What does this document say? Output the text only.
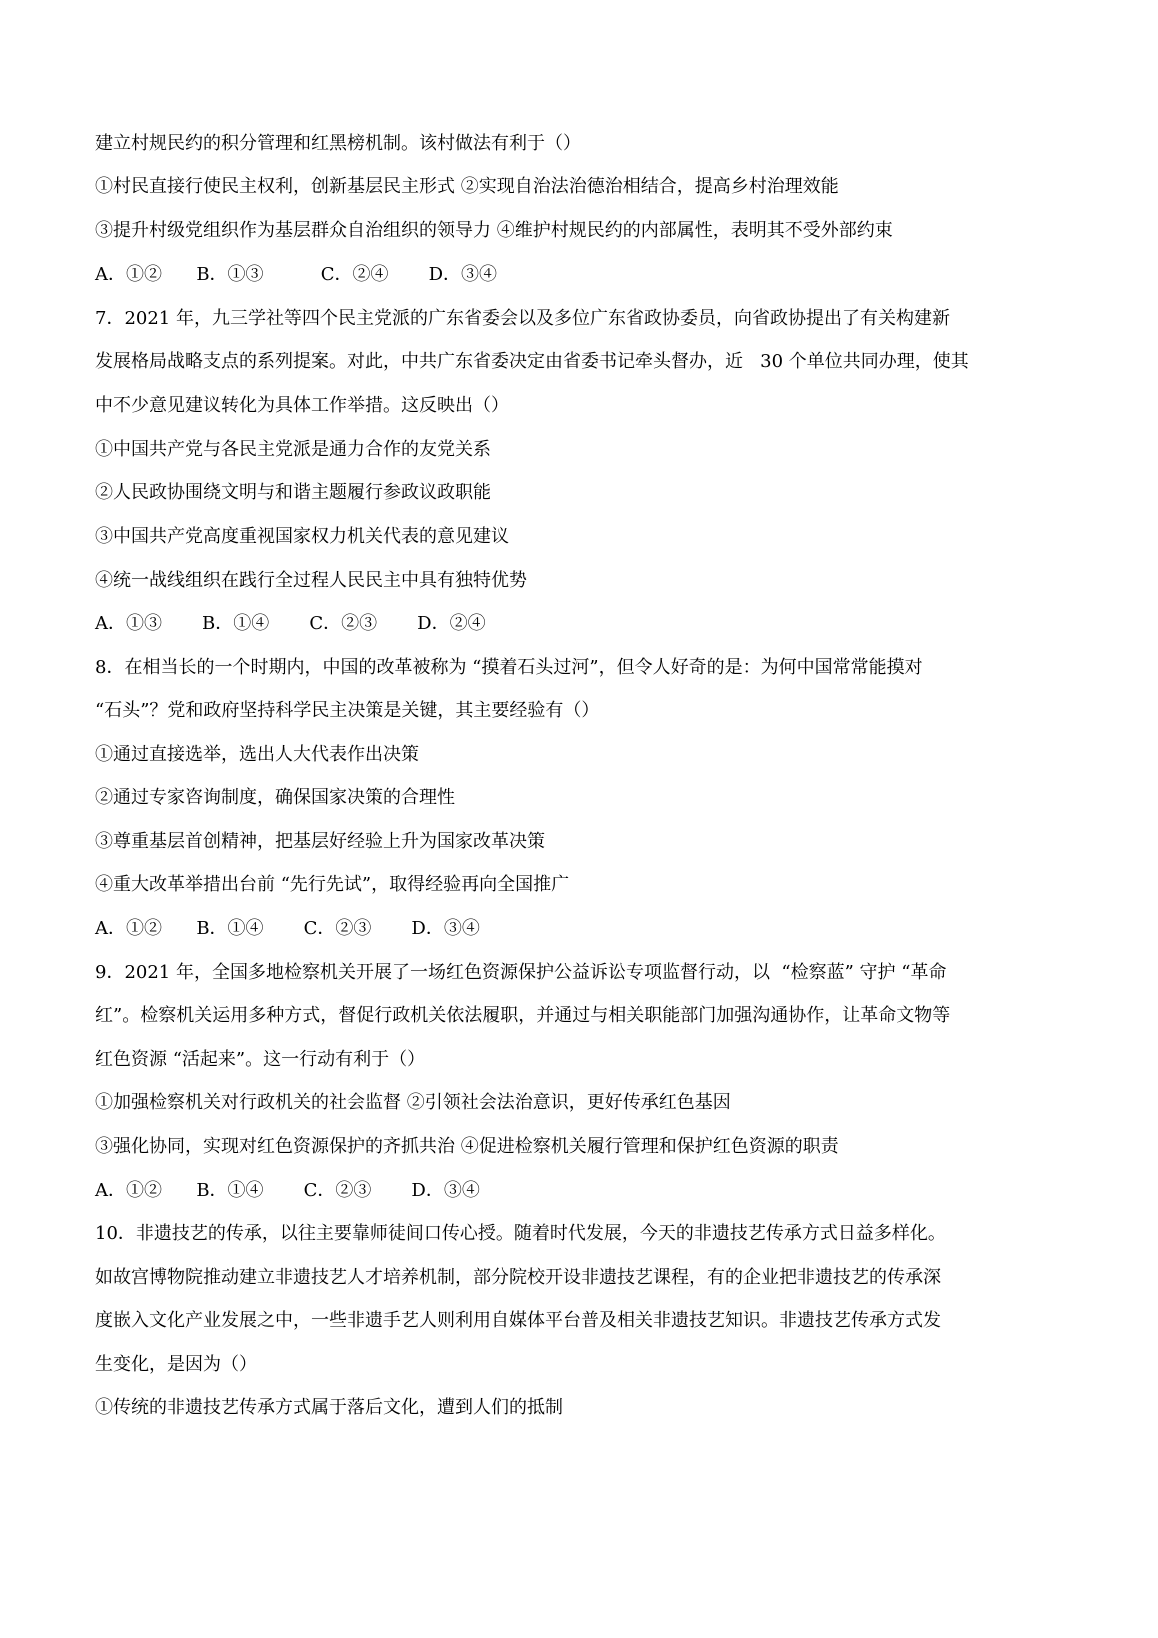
建立村规民约的积分管理和红黑榜机制。该村做法有利于（）
①村民直接行使民主权利，创新基层民主形式 ②实现自治法治德治相结合，提高乡村治理效能
③提升村级党组织作为基层群众自治组织的领导力 ④维护村规民约的内部属性，表明其不受外部约束
A．①②      B．①③          C．②④       D．③④
7．2021 年，九三学社等四个民主党派的广东省委会以及多位广东省政协委员，向省政协提出了有关构建新
发展格局战略支点的系列提案。对此，中共广东省委决定由省委书记牵头督办，近   30 个单位共同办理，使其
中不少意见建议转化为具体工作举措。这反映出（）
①中国共产党与各民主党派是通力合作的友党关系
②人民政协围绕文明与和谐主题履行参政议政职能
③中国共产党高度重视国家权力机关代表的意见建议
④统一战线组织在践行全过程人民民主中具有独特优势
A．①③       B．①④       C．②③       D．②④
8．在相当长的一个时期内，中国的改革被称为 “摸着石头过河”，但令人好奇的是：为何中国常常能摸对
“石头”？党和政府坚持科学民主决策是关键，其主要经验有（）
①通过直接选举，选出人大代表作出决策
②通过专家咨询制度，确保国家决策的合理性
③尊重基层首创精神，把基层好经验上升为国家改革决策
④重大改革举措出台前 “先行先试”，取得经验再向全国推广
A．①②      B．①④       C．②③       D．③④
9．2021 年，全国多地检察机关开展了一场红色资源保护公益诉讼专项监督行动，以  “检察蓝” 守护 “革命
红”。检察机关运用多种方式，督促行政机关依法履职，并通过与相关职能部门加强沟通协作，让革命文物等
红色资源 “活起来”。这一行动有利于（）
①加强检察机关对行政机关的社会监督 ②引领社会法治意识，更好传承红色基因
③强化协同，实现对红色资源保护的齐抓共治 ④促进检察机关履行管理和保护红色资源的职责
A．①②      B．①④       C．②③       D．③④
10．非遗技艺的传承，以往主要靠师徒间口传心授。随着时代发展，今天的非遗技艺传承方式日益多样化。
如故宫博物院推动建立非遗技艺人才培养机制，部分院校开设非遗技艺课程，有的企业把非遗技艺的传承深
度嵌入文化产业发展之中，一些非遗手艺人则利用自媒体平台普及相关非遗技艺知识。非遗技艺传承方式发
生变化，是因为（）
①传统的非遗技艺传承方式属于落后文化，遭到人们的抵制
